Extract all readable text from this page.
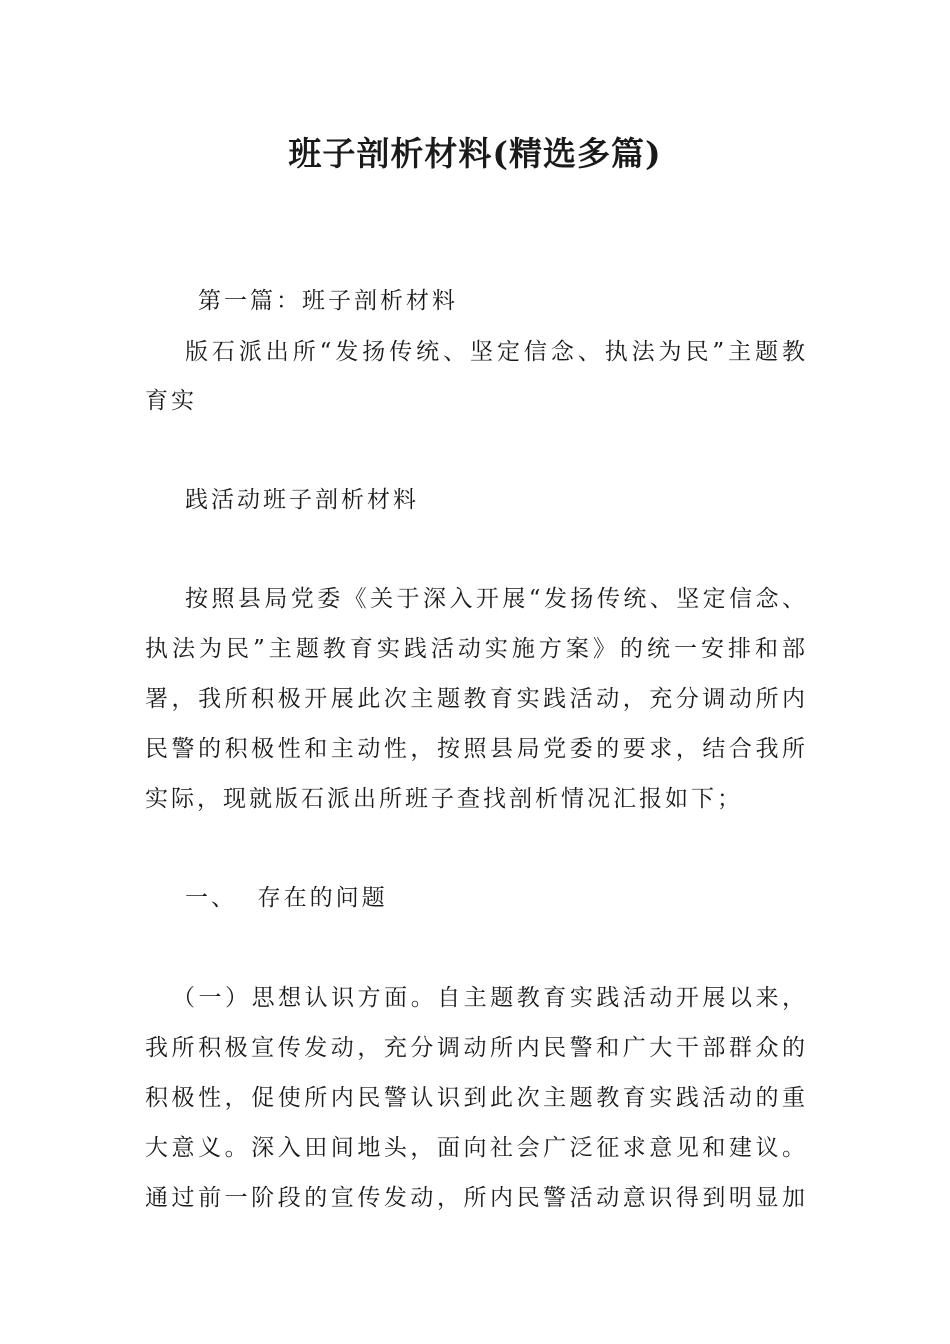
班子剖析材料(精选多篇)
第一篇：班子剖析材料
版石派出所“发扬传统、坚定信念、执法为民”主题教
育实
践活动班子剖析材料
按照县局党委《关于深入开展“发扬传统、坚定信念、
执法为民”主题教育实践活动实施方案》的统一安排和部
署，我所积极开展此次主题教育实践活动，充分调动所内
民警的积极性和主动性，按照县局党委的要求，结合我所
实际，现就版石派出所班子查找剖析情况汇报如下；
一、  存在的问题
（一）思想认识方面。自主题教育实践活动开展以来，
我所积极宣传发动，充分调动所内民警和广大干部群众的
积极性，促使所内民警认识到此次主题教育实践活动的重
大意义。深入田间地头，面向社会广泛征求意见和建议。
通过前一阶段的宣传发动，所内民警活动意识得到明显加
